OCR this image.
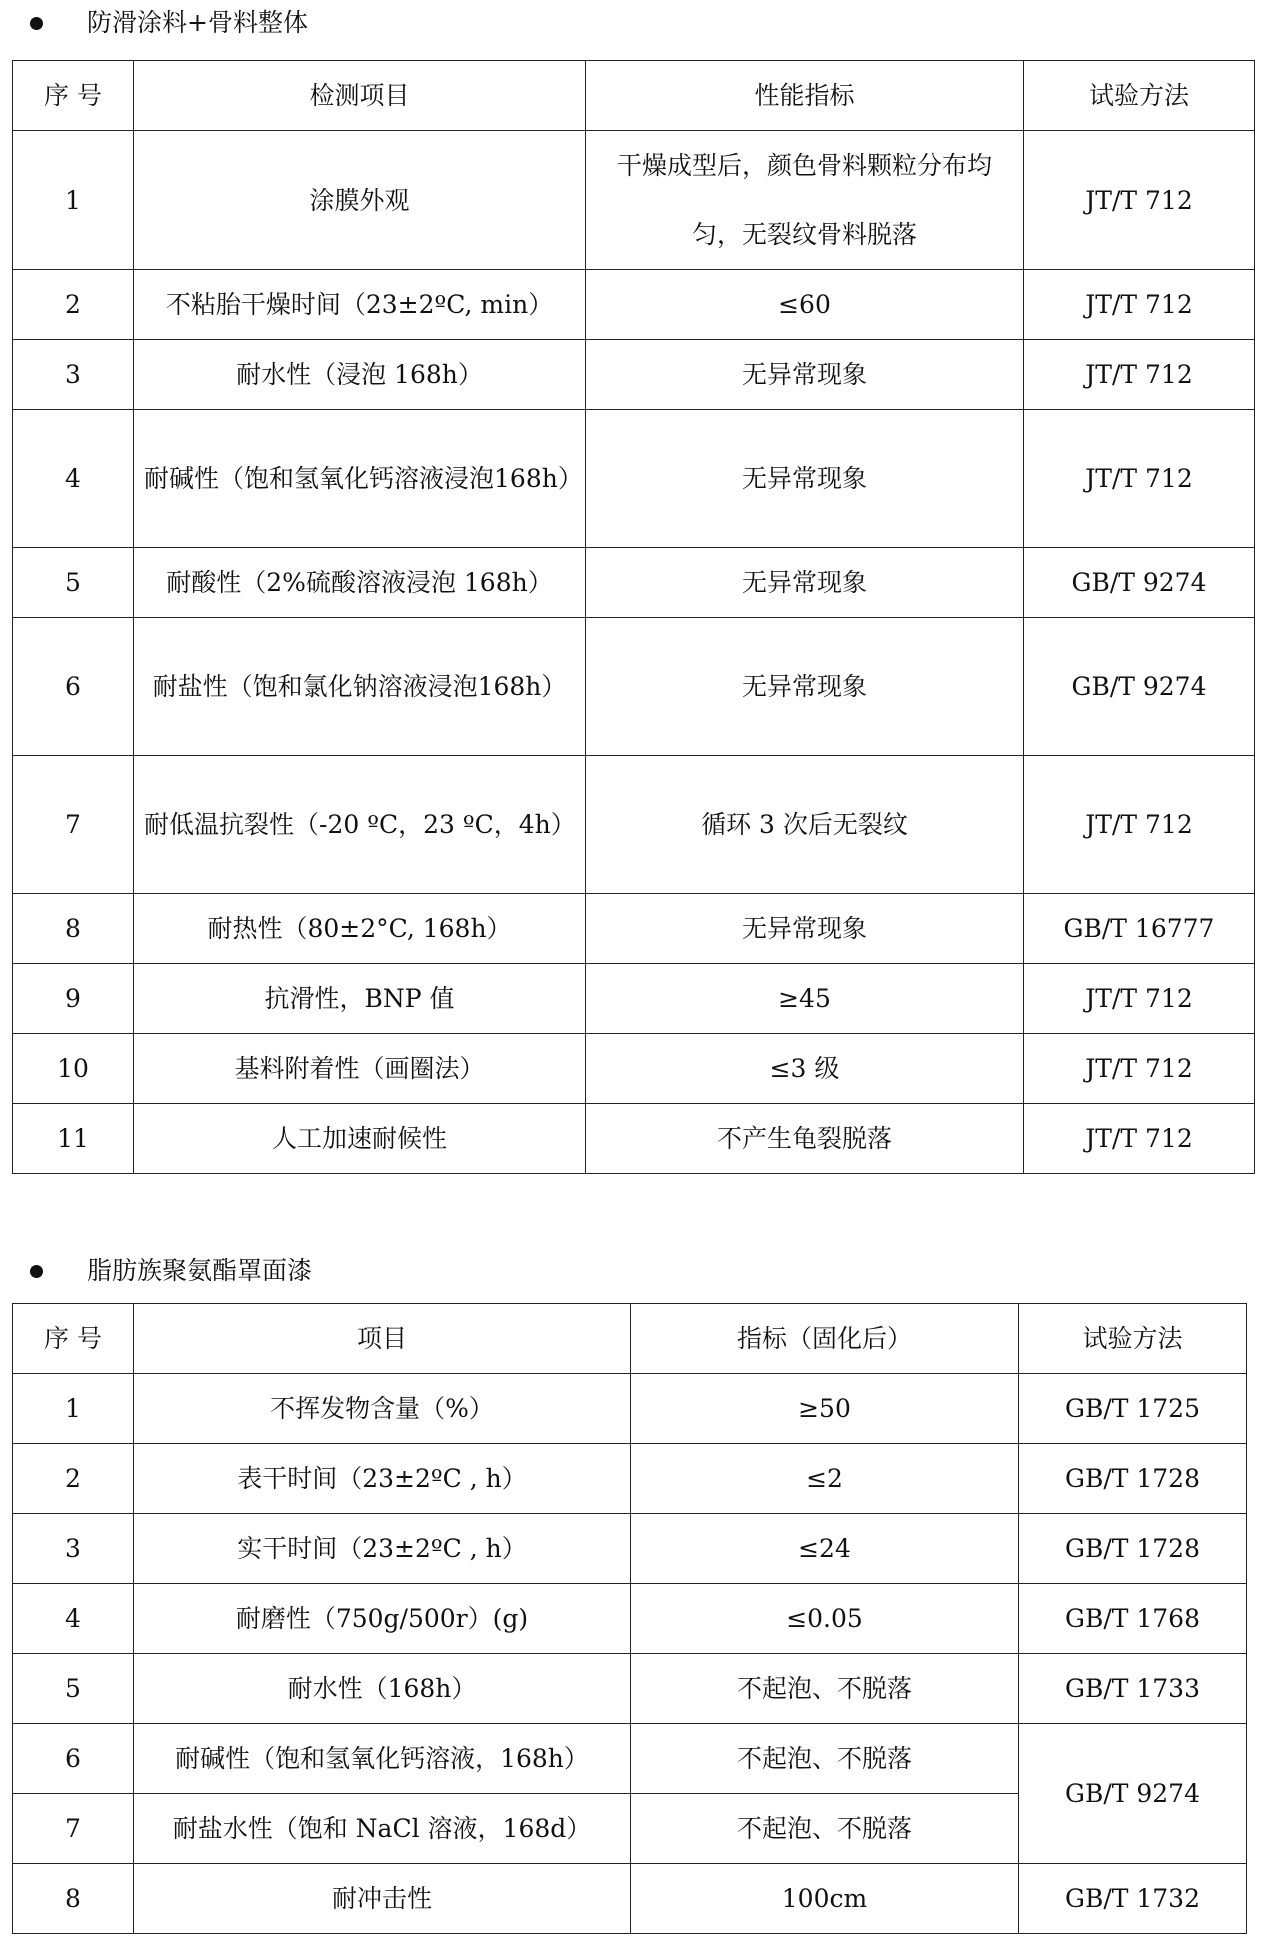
防滑涂料+骨料整体
序 号	检测项目	性能指标	试验方法
1	涂膜外观	干燥成型后，颜色骨料颗粒分布均匀，无裂纹骨料脱落	JT/T 712
2	不粘胎干燥时间（23±2ºC, min）	≤60	JT/T 712
3	耐水性（浸泡 168h）	无异常现象	JT/T 712
4	耐碱性（饱和氢氧化钙溶液浸泡168h）	无异常现象	JT/T 712
5	耐酸性（2%硫酸溶液浸泡 168h）	无异常现象	GB/T 9274
6	耐盐性（饱和氯化钠溶液浸泡168h）	无异常现象	GB/T 9274
7	耐低温抗裂性（-20 ºC，23 ºC，4h）	循环 3 次后无裂纹	JT/T 712
8	耐热性（80±2°C, 168h）	无异常现象	GB/T 16777
9	抗滑性，BNP 值	≥45	JT/T 712
10	基料附着性（画圈法）	≤3 级	JT/T 712
11	人工加速耐候性	不产生龟裂脱落	JT/T 712
脂肪族聚氨酯罩面漆
序 号	项目	指标（固化后）	试验方法
1	不挥发物含量（%）	≥50	GB/T 1725
2	表干时间（23±2ºC , h）	≤2	GB/T 1728
3	实干时间（23±2ºC , h）	≤24	GB/T 1728
4	耐磨性（750g/500r）(g)	≤0.05	GB/T 1768
5	耐水性（168h）	不起泡、不脱落	GB/T 1733
6	耐碱性（饱和氢氧化钙溶液，168h）	不起泡、不脱落	GB/T 9274
7	耐盐水性（饱和 NaCl 溶液，168d）	不起泡、不脱落	
8	耐冲击性	100cm	GB/T 1732
